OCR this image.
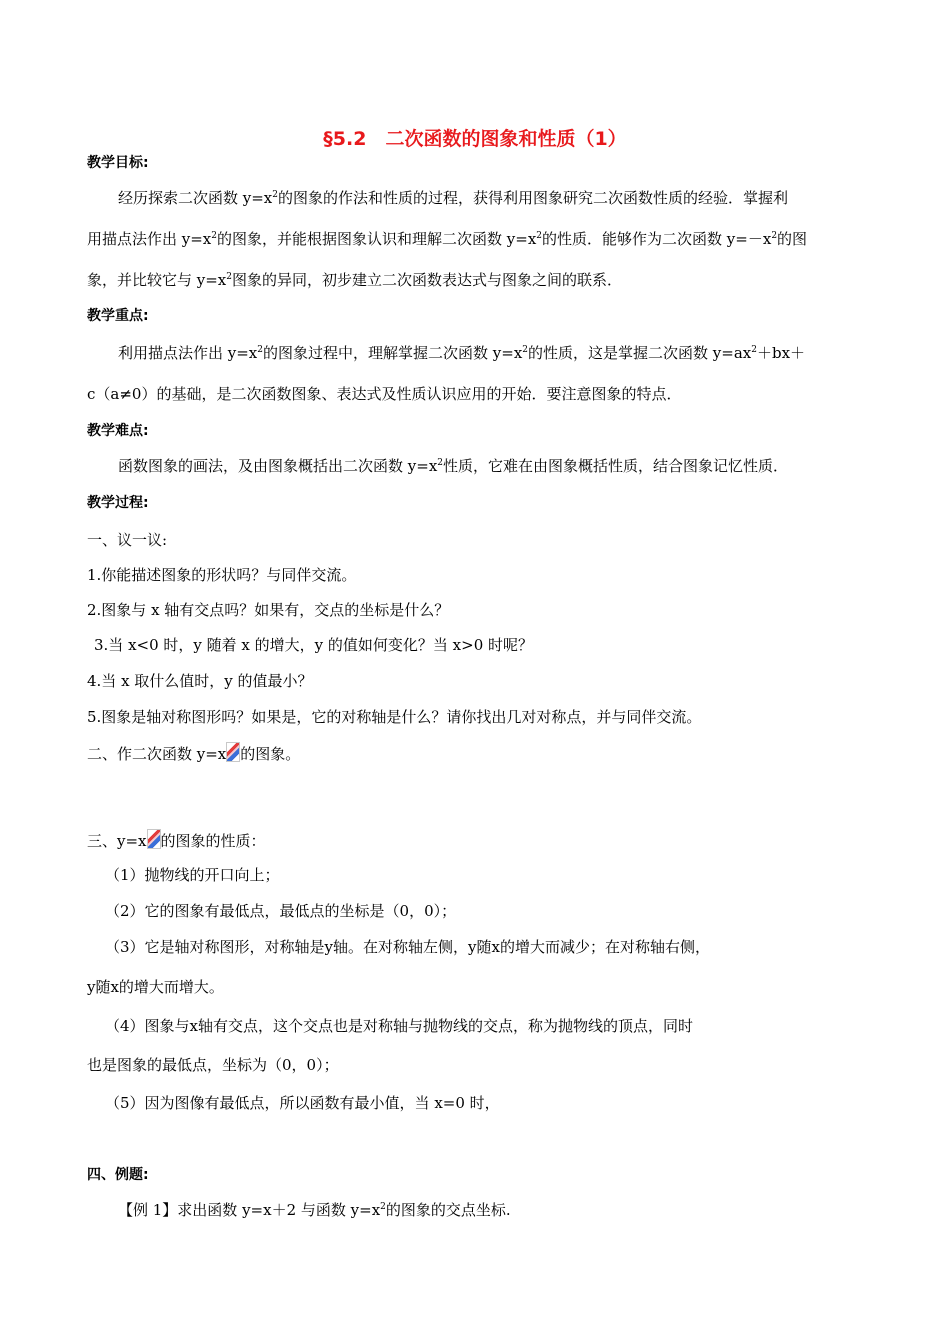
§5.2　二次函数的图象和性质（1）
教学目标:
经历探索二次函数 $y=x^2$的图象的作法和性质的过程，获得利用图象研究二次函数性质的经验．掌握利
用描点法作出 $y=x^2$的图象，并能根据图象认识和理解二次函数 $y=x^2$的性质．能够作为二次函数 $y=-x^2$的图
象，并比较它与 $y=x^2$图象的异同，初步建立二次函数表达式与图象之间的联系．
教学重点:
利用描点法作出 $y=x^2$的图象过程中，理解掌握二次函数 $y=x^2$的性质，这是掌握二次函数 $y=ax^2+bx+$
c（a≠0）的基础，是二次函数图象、表达式及性质认识应用的开始．要注意图象的特点．
教学难点:
函数图象的画法，及由图象概括出二次函数 $y=x^2$性质，它难在由图象概括性质，结合图象记忆性质．
教学过程:
一、议一议:
1.你能描述图象的形状吗？与同伴交流。
2.图象与 x 轴有交点吗？如果有，交点的坐标是什么？
3.当 x<0 时，y 随着 x 的增大，y 的值如何变化？当 x>0 时呢？
4.当 x 取什么值时，y 的值最小？
5.图象是轴对称图形吗？如果是，它的对称轴是什么？请你找出几对对称点，并与同伴交流。
二、作二次函数 y=x 的图象。
三、y=x 的图象的性质：
（1）抛物线的开口向上；
（2）它的图象有最低点，最低点的坐标是（0，0）；
（3）它是轴对称图形，对称轴是y轴。在对称轴左侧，y随x的增大而减少；在对称轴右侧，
y随x的增大而增大。
（4）图象与x轴有交点，这个交点也是对称轴与抛物线的交点，称为抛物线的顶点，同时
也是图象的最低点，坐标为（0，0）；
（5）因为图像有最低点，所以函数有最小值，当 x=0 时，
四、例题:
【例 1】求出函数 y=x＋2 与函数 $y=x^2$的图象的交点坐标.
